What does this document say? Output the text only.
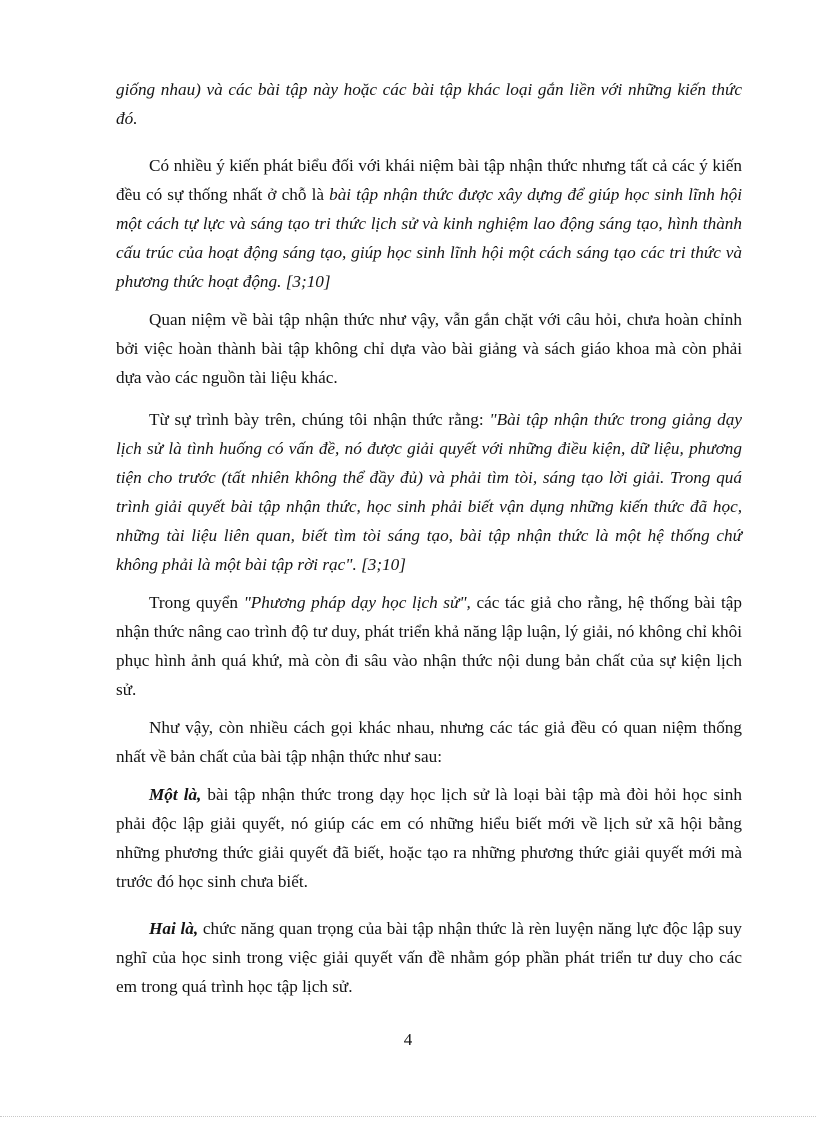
giống nhau) và các bài tập này hoặc các bài tập khác loại gắn liền với những kiến thức đó.

Có nhiều ý kiến phát biểu đối với khái niệm bài tập nhận thức nhưng tất cả các ý kiến đều có sự thống nhất ở chỗ là bài tập nhận thức được xây dựng để giúp học sinh lĩnh hội một cách tự lực và sáng tạo tri thức lịch sử và kinh nghiệm lao động sáng tạo, hình thành cấu trúc của hoạt động sáng tạo, giúp học sinh lĩnh hội một cách sáng tạo các tri thức và phương thức hoạt động. [3;10]

Quan niệm về bài tập nhận thức như vậy, vẫn gắn chặt với câu hỏi, chưa hoàn chỉnh bởi việc hoàn thành bài tập không chỉ dựa vào bài giảng và sách giáo khoa mà còn phải dựa vào các nguồn tài liệu khác.

Từ sự trình bày trên, chúng tôi nhận thức rằng: "Bài tập nhận thức trong giảng dạy lịch sử là tình huống có vấn đề, nó được giải quyết với những điều kiện, dữ liệu, phương tiện cho trước (tất nhiên không thể đầy đủ) và phải tìm tòi, sáng tạo lời giải. Trong quá trình giải quyết bài tập nhận thức, học sinh phải biết vận dụng những kiến thức đã học, những tài liệu liên quan, biết tìm tòi sáng tạo, bài tập nhận thức là một hệ thống chứ không phải là một bài tập rời rạc". [3;10]

Trong quyển "Phương pháp dạy học lịch sử", các tác giả cho rằng, hệ thống bài tập nhận thức nâng cao trình độ tư duy, phát triển khả năng lập luận, lý giải, nó không chỉ khôi phục hình ảnh quá khứ, mà còn đi sâu vào nhận thức nội dung bản chất của sự kiện lịch sử.

Như vậy, còn nhiều cách gọi khác nhau, nhưng các tác giả đều có quan niệm thống nhất về bản chất của bài tập nhận thức như sau:

Một là, bài tập nhận thức trong dạy học lịch sử là loại bài tập mà đòi hỏi học sinh phải độc lập giải quyết, nó giúp các em có những hiểu biết mới về lịch sử xã hội bằng những phương thức giải quyết đã biết, hoặc tạo ra những phương thức giải quyết mới mà trước đó học sinh chưa biết.

Hai là, chức năng quan trọng của bài tập nhận thức là rèn luyện năng lực độc lập suy nghĩ của học sinh trong việc giải quyết vấn đề nhằm góp phần phát triển tư duy cho các em trong quá trình học tập lịch sử.

4
